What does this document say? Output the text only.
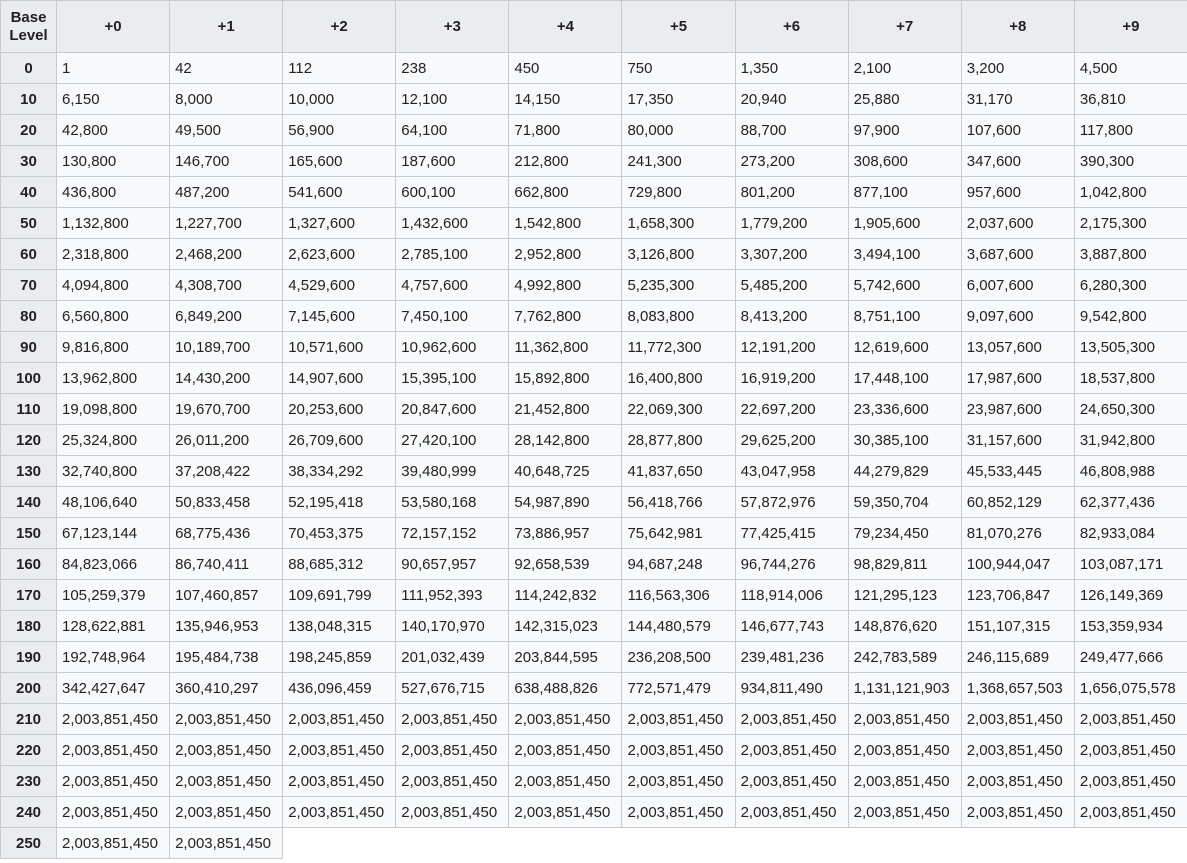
Base
Level	+0	+1	+2	+3	+4	+5	+6	+7	+8	+9
0	1	42	112	238	450	750	1,350	2,100	3,200	4,500
10	6,150	8,000	10,000	12,100	14,150	17,350	20,940	25,880	31,170	36,810
20	42,800	49,500	56,900	64,100	71,800	80,000	88,700	97,900	107,600	117,800
30	130,800	146,700	165,600	187,600	212,800	241,300	273,200	308,600	347,600	390,300
40	436,800	487,200	541,600	600,100	662,800	729,800	801,200	877,100	957,600	1,042,800
50	1,132,800	1,227,700	1,327,600	1,432,600	1,542,800	1,658,300	1,779,200	1,905,600	2,037,600	2,175,300
60	2,318,800	2,468,200	2,623,600	2,785,100	2,952,800	3,126,800	3,307,200	3,494,100	3,687,600	3,887,800
70	4,094,800	4,308,700	4,529,600	4,757,600	4,992,800	5,235,300	5,485,200	5,742,600	6,007,600	6,280,300
80	6,560,800	6,849,200	7,145,600	7,450,100	7,762,800	8,083,800	8,413,200	8,751,100	9,097,600	9,542,800
90	9,816,800	10,189,700	10,571,600	10,962,600	11,362,800	11,772,300	12,191,200	12,619,600	13,057,600	13,505,300
100	13,962,800	14,430,200	14,907,600	15,395,100	15,892,800	16,400,800	16,919,200	17,448,100	17,987,600	18,537,800
110	19,098,800	19,670,700	20,253,600	20,847,600	21,452,800	22,069,300	22,697,200	23,336,600	23,987,600	24,650,300
120	25,324,800	26,011,200	26,709,600	27,420,100	28,142,800	28,877,800	29,625,200	30,385,100	31,157,600	31,942,800
130	32,740,800	37,208,422	38,334,292	39,480,999	40,648,725	41,837,650	43,047,958	44,279,829	45,533,445	46,808,988
140	48,106,640	50,833,458	52,195,418	53,580,168	54,987,890	56,418,766	57,872,976	59,350,704	60,852,129	62,377,436
150	67,123,144	68,775,436	70,453,375	72,157,152	73,886,957	75,642,981	77,425,415	79,234,450	81,070,276	82,933,084
160	84,823,066	86,740,411	88,685,312	90,657,957	92,658,539	94,687,248	96,744,276	98,829,811	100,944,047	103,087,171
170	105,259,379	107,460,857	109,691,799	111,952,393	114,242,832	116,563,306	118,914,006	121,295,123	123,706,847	126,149,369
180	128,622,881	135,946,953	138,048,315	140,170,970	142,315,023	144,480,579	146,677,743	148,876,620	151,107,315	153,359,934
190	192,748,964	195,484,738	198,245,859	201,032,439	203,844,595	236,208,500	239,481,236	242,783,589	246,115,689	249,477,666
200	342,427,647	360,410,297	436,096,459	527,676,715	638,488,826	772,571,479	934,811,490	1,131,121,903	1,368,657,503	1,656,075,578
210	2,003,851,450	2,003,851,450	2,003,851,450	2,003,851,450	2,003,851,450	2,003,851,450	2,003,851,450	2,003,851,450	2,003,851,450	2,003,851,450
220	2,003,851,450	2,003,851,450	2,003,851,450	2,003,851,450	2,003,851,450	2,003,851,450	2,003,851,450	2,003,851,450	2,003,851,450	2,003,851,450
230	2,003,851,450	2,003,851,450	2,003,851,450	2,003,851,450	2,003,851,450	2,003,851,450	2,003,851,450	2,003,851,450	2,003,851,450	2,003,851,450
240	2,003,851,450	2,003,851,450	2,003,851,450	2,003,851,450	2,003,851,450	2,003,851,450	2,003,851,450	2,003,851,450	2,003,851,450	2,003,851,450
250	2,003,851,450	2,003,851,450								
